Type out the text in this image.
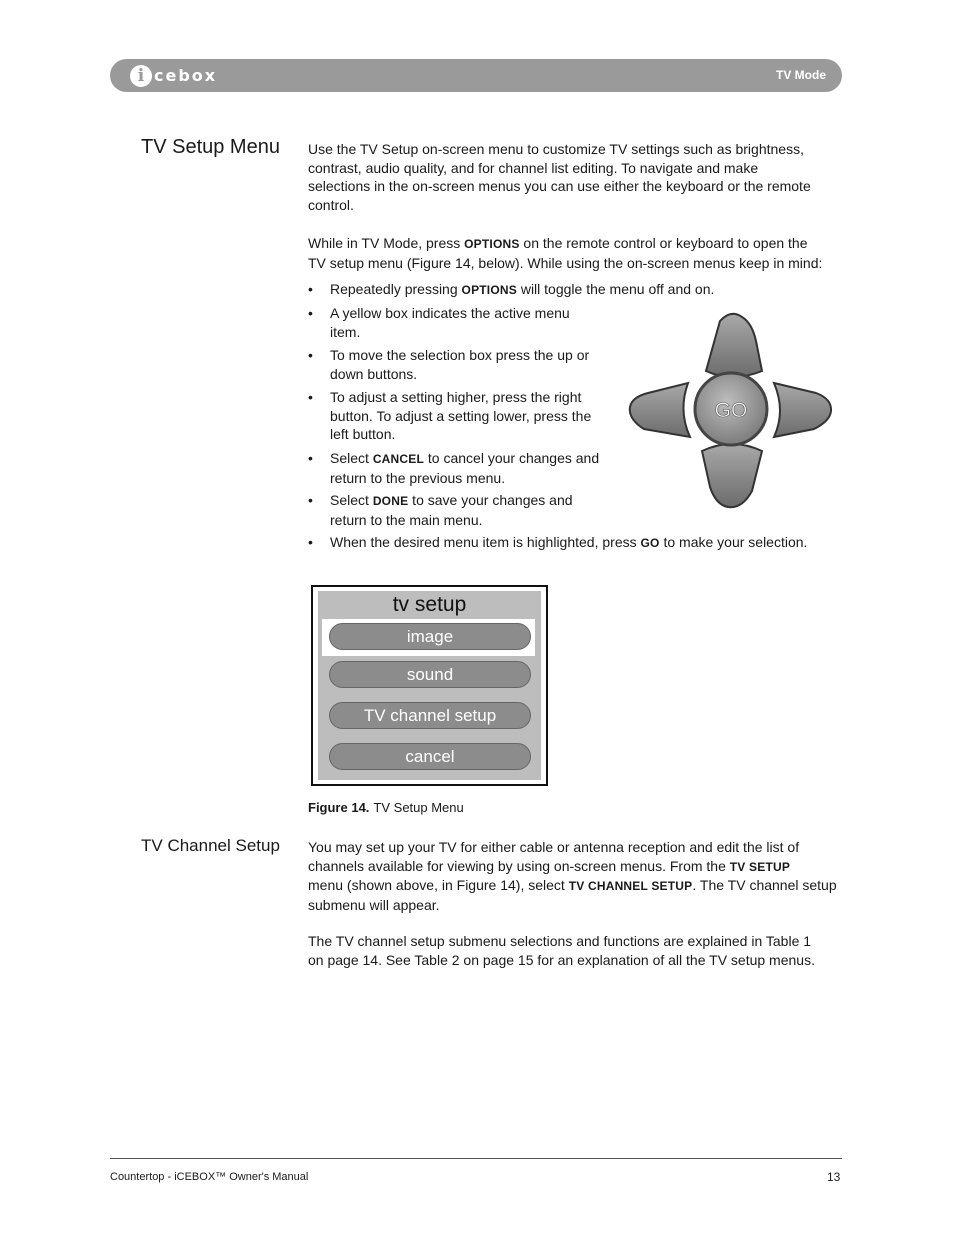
i cebox	TV Mode
TV Setup Menu Use the TV Setup on-screen menu to customize TV settings such as brightness,
contrast, audio quality, and for channel list editing. To navigate and make
selections in the on-screen menus you can use either the keyboard or the remote
control.
While in TV Mode, press OPTIONS on the remote control or keyboard to open the
TV setup menu (Figure 14, below). While using the on-screen menus keep in mind:
•	Repeatedly pressing OPTIONS will toggle the menu off and on.
•	A yellow box indicates the active menu
item.
•	To move the selection box press the up or
down buttons.
•	To adjust a setting higher, press the right
button. To adjust a setting lower, press the
left button.
•	Select CANCEL to cancel your changes and
return to the previous menu.
•	Select DONE to save your changes and
return to the main menu.
•	When the desired menu item is highlighted, press GO to make your selection.
GO
tv setup
image
sound
TV channel setup
cancel
Figure 14. TV Setup Menu
TV Channel Setup You may set up your TV for either cable or antenna reception and edit the list of
channels available for viewing by using on-screen menus. From the TV SETUP
menu (shown above, in Figure 14), select TV CHANNEL SETUP. The TV channel setup
submenu will appear.
The TV channel setup submenu selections and functions are explained in Table 1
on page 14. See Table 2 on page 15 for an explanation of all the TV setup menus.
Countertop - iCEBOX™ Owner's Manual	13
